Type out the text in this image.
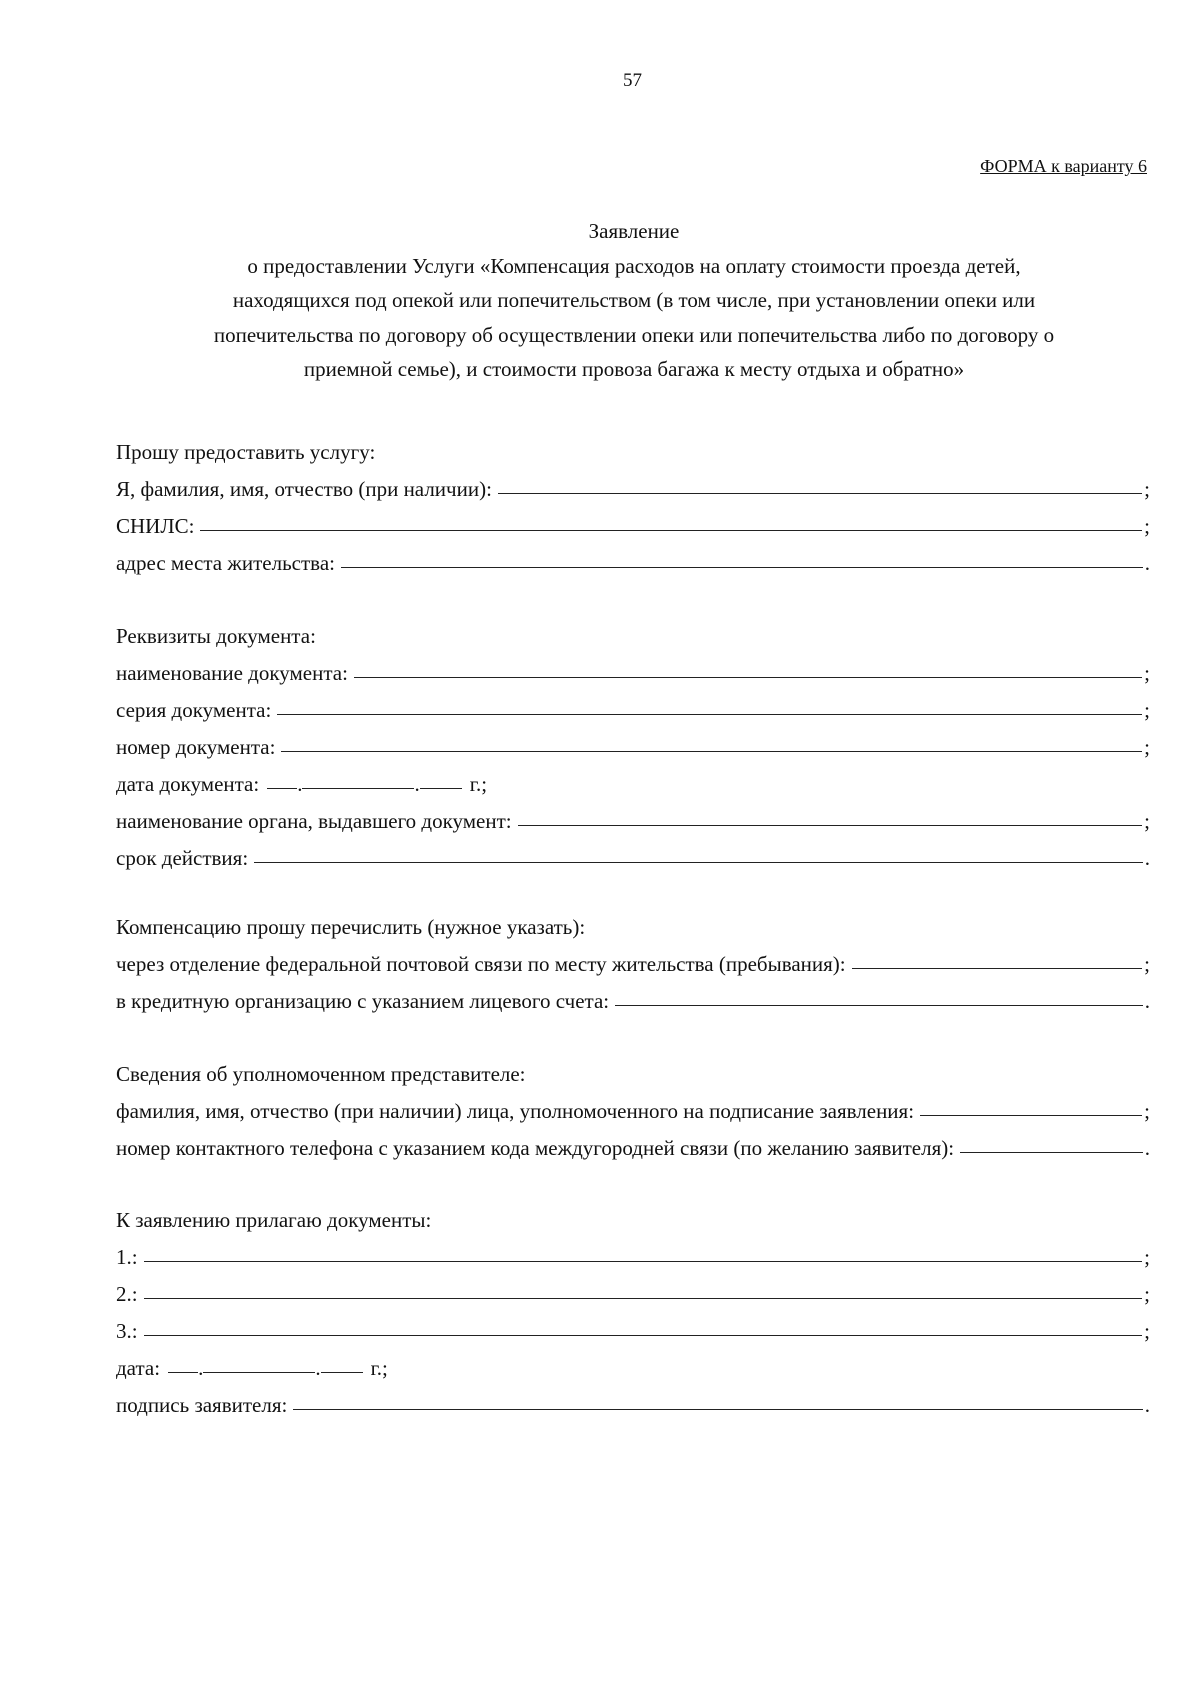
57
ФОРМА к варианту 6
Заявление
о предоставлении Услуги «Компенсация расходов на оплату стоимости проезда детей,
находящихся под опекой или попечительством (в том числе, при установлении опеки или
попечительства по договору об осуществлении опеки или попечительства либо по договору о
приемной семье), и стоимости провоза багажа к месту отдыха и обратно»
Прошу предоставить услугу:
Я, фамилия, имя, отчество (при наличии):	;
СНИЛС:	;
адрес места жительства:	.
Реквизиты документа:
наименование документа:	;
серия документа:	;
номер документа:	;
дата документа: .	. г.;
наименование органа, выдавшего документ:	;
срок действия:	.
Компенсацию прошу перечислить (нужное указать):
через отделение федеральной почтовой связи по месту жительства (пребывания):	;
в кредитную организацию с указанием лицевого счета:	.
Сведения об уполномоченном представителе:
фамилия, имя, отчество (при наличии) лица, уполномоченного на подписание заявления:	;
номер контактного телефона с указанием кода междугородней связи (по желанию заявителя):	.
К заявлению прилагаю документы:
1.:	;
2.:	;
3.:	;
дата: .	. г.;
подпись заявителя:	.
